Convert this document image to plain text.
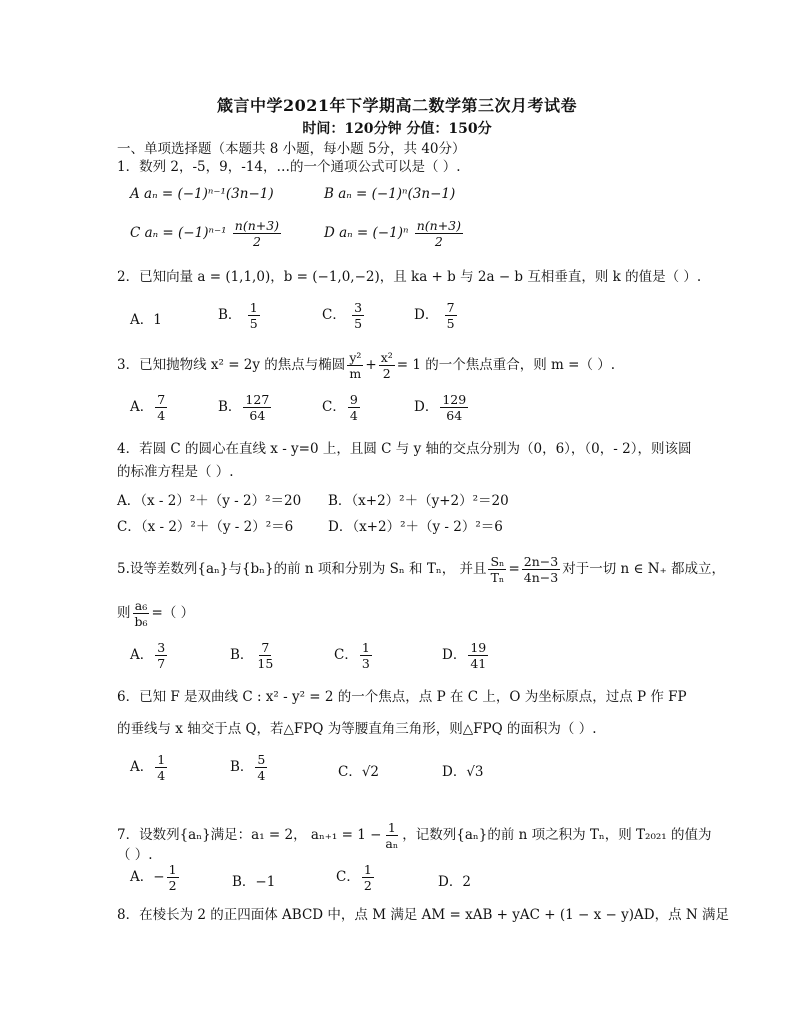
箴言中学2021年下学期高二数学第三次月考试卷
时间：120分钟 分值：150分
一、单项选择题（本题共 8 小题，每小题 5分，共 40分）
1．数列 2，-5，9，-14，…的一个通项公式可以是（ ）.
A aₙ = (−1)ⁿ⁻¹(3n−1)	B aₙ = (−1)ⁿ(3n−1)
C $a_n = (-1)^{n-1} \frac{n(n+3)}{2}$	D $a_n = (-1)^n \frac{n(n+3)}{2}$
2．已知向量 a = (1,1,0)，b = (−1,0,−2)，且 ka + b 与 2a − b 互相垂直，则 k 的值是（ ）.
A．1	B． $\frac{1}{5}$	C． $\frac{3}{5}$	D． $\frac{7}{5}$
3．已知抛物线 x² = 2y 的焦点与椭圆 $\frac{\text{y²}}{m} + \frac{\text{x²}}{2} = 1$ 的一个焦点重合，则 m =（ ）.
A． $\frac{7}{4}$	B． $\frac{127}{64}$	C． $\frac{9}{4}$	D． $\frac{129}{64}$
4．若圆 C 的圆心在直线 x - y=0 上，且圆 C 与 y 轴的交点分别为（0，6），（0，- 2），则该圆
的标准方程是（ ）.
A．（x - 2）²＋（y - 2）²＝20 B．（x+2）²＋（y+2）²＝20
C．（x - 2）²＋（y - 2）²＝6	D．（x+2）²＋（y - 2）²＝6
5.设等差数列{aₙ}与{bₙ}的前 n 项和分别为 Sₙ 和 Tₙ， 并且 $\frac{\text{Sₙ}}{\text{Tₙ}} = \frac{2n-3}{4n-3}$ 对于一切 n ∈ N₊ 都成立，
则 $\frac{\text{a₆}}{\text{b₆}}$ =（ ）
A． $\frac{3}{7}$	B． $\frac{7}{15}$	C． $\frac{1}{3}$	D． $\frac{19}{41}$
6．已知 F 是双曲线 C : x² - y² = 2 的一个焦点，点 P 在 C 上，O 为坐标原点，过点 P 作 FP
的垂线与 x 轴交于点 Q，若△FPQ 为等腰直角三角形，则△FPQ 的面积为（ ）.
A． $\frac{1}{4}$	B． $\frac{5}{4}$	C．√2	D．√3
7．设数列{aₙ}满足：a₁ = 2， $a_{n+1} = 1 - \frac{1}{\text{aₙ}}$ ，记数列{aₙ}的前 n 项之积为 Tₙ，则 T₂₀₂₁ 的值为
（ ）.
A．− $\frac{1}{2}$	B．−1	C． $\frac{1}{2}$	D．2
8．在棱长为 2 的正四面体 ABCD 中，点 M 满足 AM = xAB + yAC + (1 − x − y)AD，点 N 满足
